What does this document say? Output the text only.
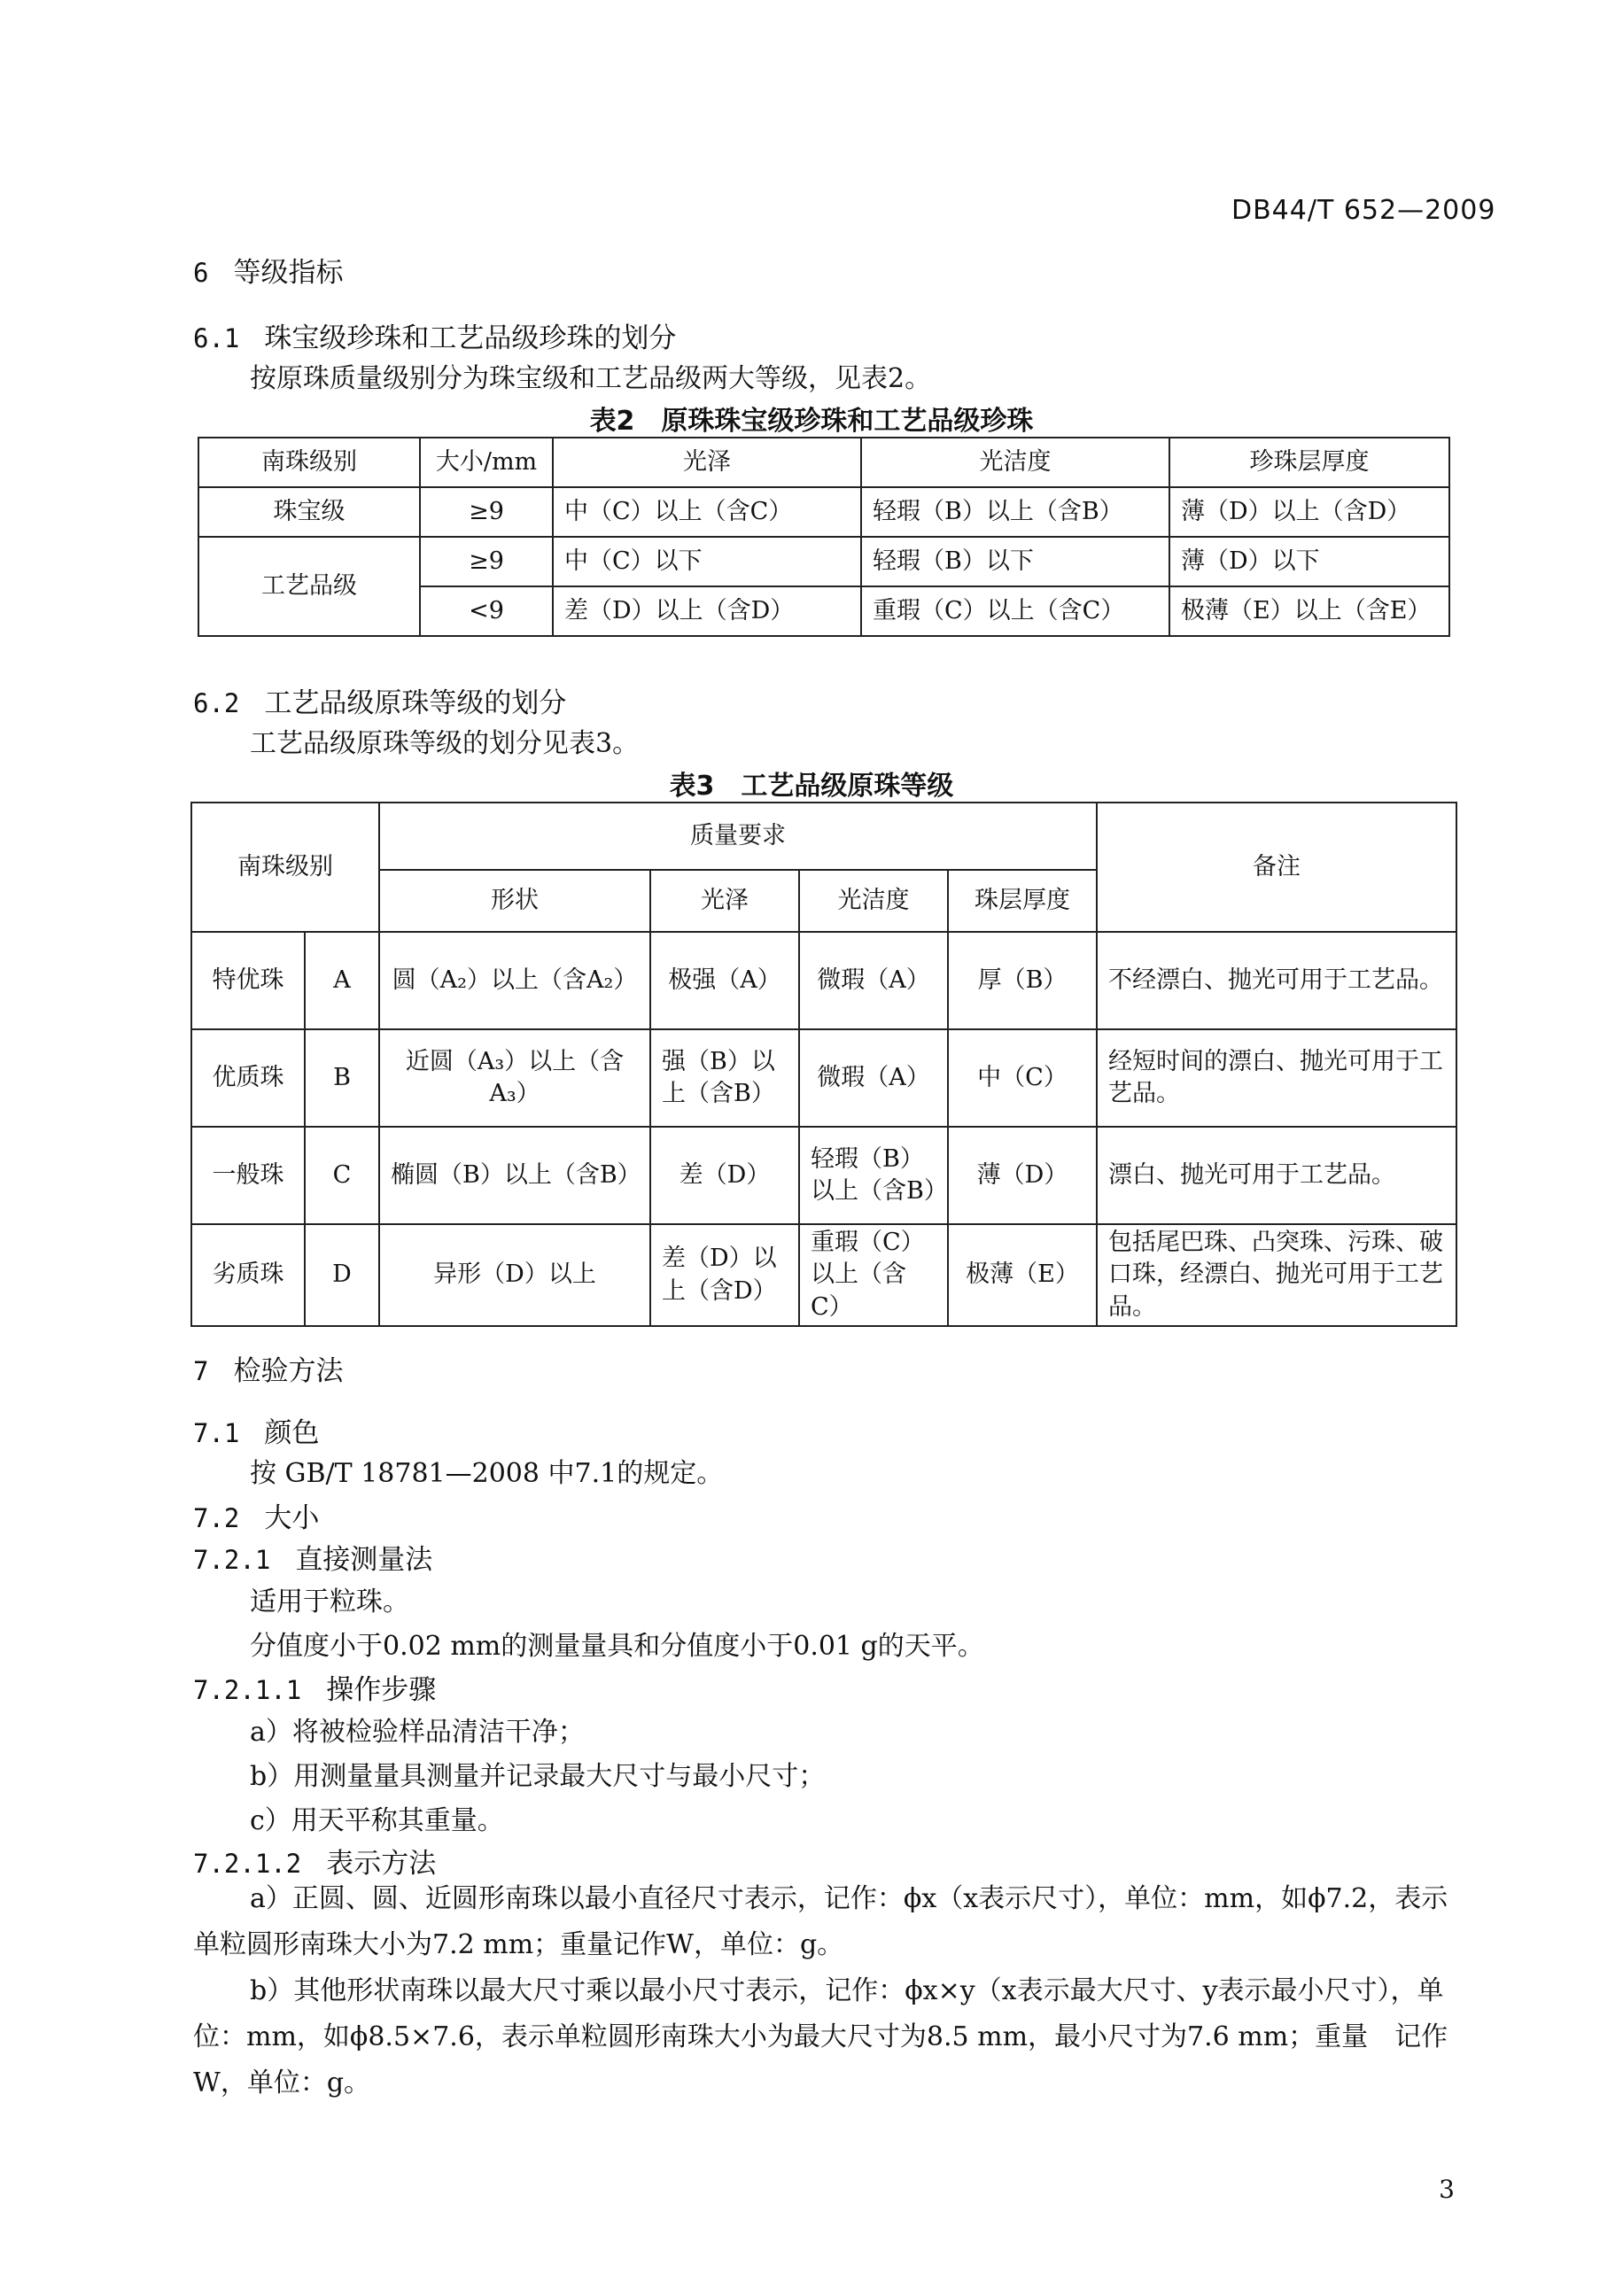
DB44/T 652—2009
6 等级指标
6.1 珠宝级珍珠和工艺品级珍珠的划分
按原珠质量级别分为珠宝级和工艺品级两大等级，见表2。
表2　原珠珠宝级珍珠和工艺品级珍珠
南珠级别	大小/mm	光泽	光洁度	珍珠层厚度
珠宝级	≥9	中（C）以上（含C）	轻瑕（B）以上（含B）	薄（D）以上（含D）
工艺品级	≥9	中（C）以下	轻瑕（B）以下	薄（D）以下
	<9	差（D）以上（含D）	重瑕（C）以上（含C）	极薄（E）以上（含E）
6.2 工艺品级原珠等级的划分
工艺品级原珠等级的划分见表3。
表3　工艺品级原珠等级
南珠级别		质量要求				备注
		形状	光泽	光洁度	珠层厚度	
特优珠	A	圆（A₂）以上（含A₂）	极强（A）	微瑕（A）	厚（B）	不经漂白、抛光可用于工艺品。
优质珠	B	近圆（A₃）以上（含A₃）	强（B）以上（含B）	微瑕（A）	中（C）	经短时间的漂白、抛光可用于工艺品。
一般珠	C	椭圆（B）以上（含B）	差（D）	轻瑕（B）以上（含B）	薄（D）	漂白、抛光可用于工艺品。
劣质珠	D	异形（D）以上	差（D）以上（含D）	重瑕（C）以上（含C）	极薄（E）	包括尾巴珠、凸突珠、污珠、破口珠，经漂白、抛光可用于工艺品。
7 检验方法
7.1 颜色
按 GB/T 18781—2008 中7.1的规定。
7.2 大小
7.2.1 直接测量法
适用于粒珠。
分值度小于0.02 mm的测量量具和分值度小于0.01 g的天平。
7.2.1.1 操作步骤
a）将被检验样品清洁干净；
b）用测量量具测量并记录最大尺寸与最小尺寸；
c）用天平称其重量。
7.2.1.2 表示方法
a）正圆、圆、近圆形南珠以最小直径尺寸表示，记作：ϕx（x表示尺寸），单位：mm，如ϕ7.2，表示单粒圆形南珠大小为7.2 mm；重量记作W，单位：g。
b）其他形状南珠以最大尺寸乘以最小尺寸表示，记作：ϕx×y（x表示最大尺寸、y表示最小尺寸），单位：mm，如ϕ8.5×7.6，表示单粒圆形南珠大小为最大尺寸为8.5 mm，最小尺寸为7.6 mm；重量　记作W，单位：g。
3
